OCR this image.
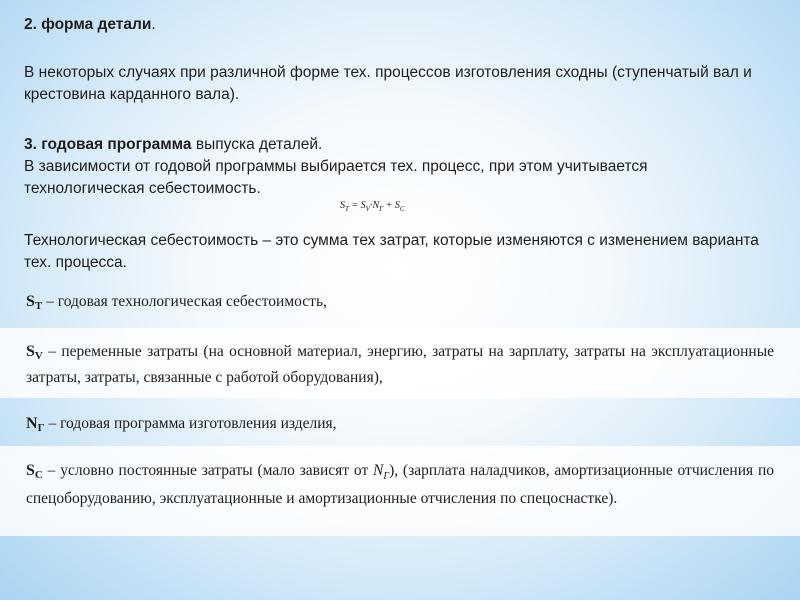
2. форма детали.
В некоторых случаях при различной форме тех. процессов изготовления сходны (ступенчатый вал и крестовина карданного вала).
3. годовая программа выпуска деталей.
В зависимости от годовой программы выбирается тех. процесс, при этом учитывается технологическая себестоимость.
$S_T = S_V\cdot N_Г + S_C$
Технологическая себестоимость – это сумма тех затрат, которые изменяются с изменением варианта тех. процесса.
$S_T$ – годовая технологическая себестоимость,
$S_V$ – переменные затраты (на основной материал, энергию, затраты на зарплату, затраты на эксплуатационные затраты, затраты, связанные с работой оборудования),
$N_Г$ – годовая программа изготовления изделия,
$S_C$ – условно постоянные затраты (мало зависят от $N_Г$), (зарплата наладчиков, амортизационные отчисления по спецоборудованию, эксплуатационные и амортизационные отчисления по спецоснастке).
